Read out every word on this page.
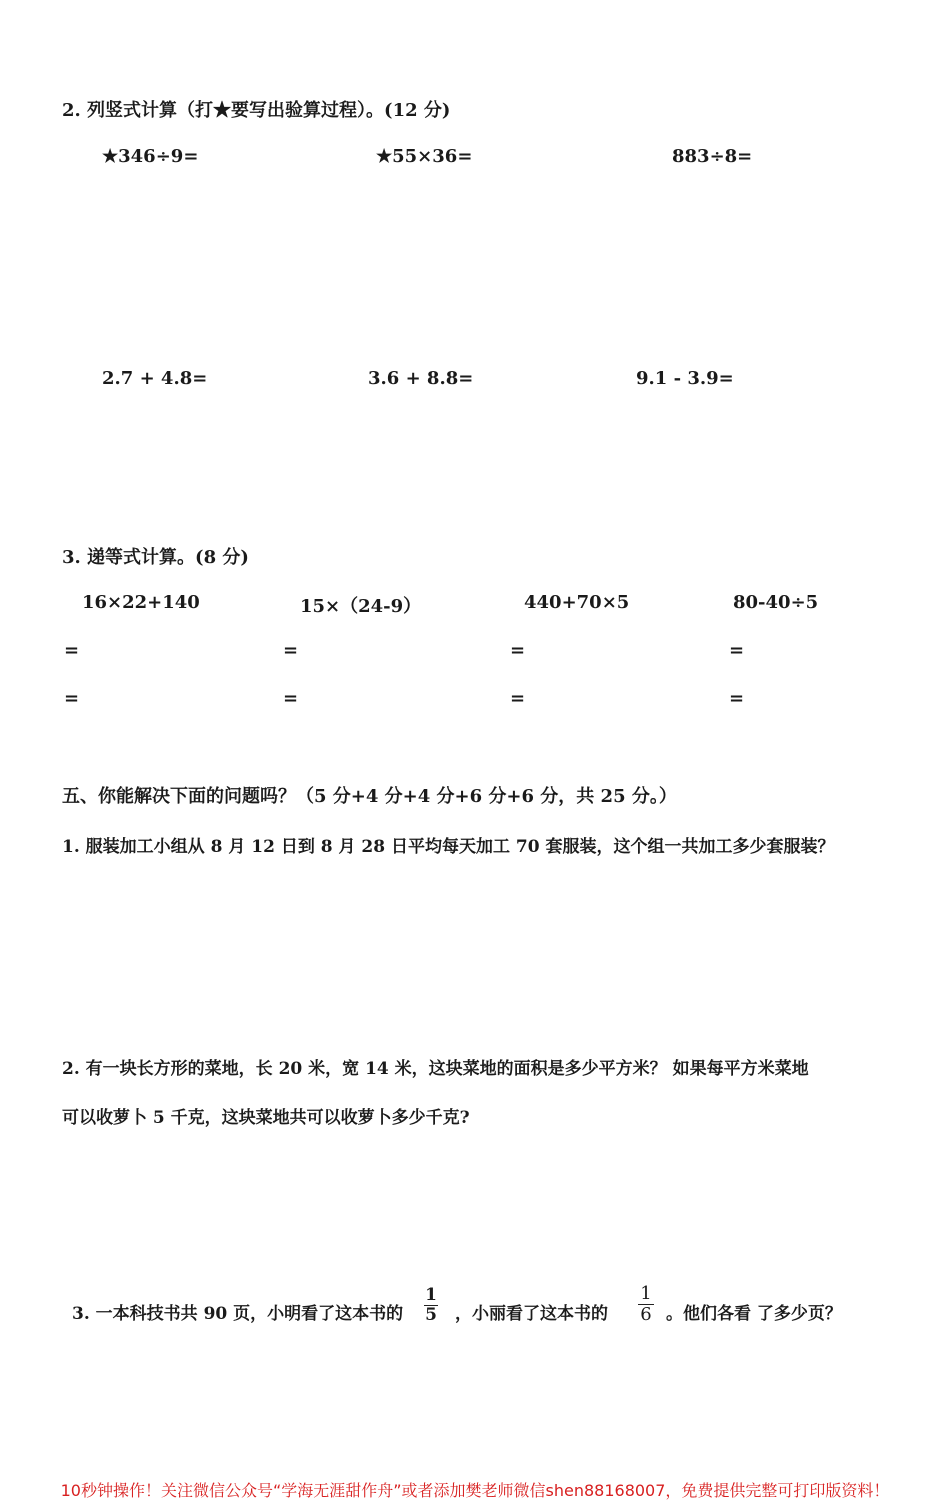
2. 列竖式计算（打★要写出验算过程）。(12 分)
★346÷9=	★55×36=	883÷8=
2.7 + 4.8=	3.6 + 8.8=	9.1 - 3.9=
3. 递等式计算。(8 分)
16×22+140	15×（24-9）	440+70×5	80-40÷5
=	=	=	=
=	=	=	=
五、你能解决下面的问题吗？（5 分+4 分+4 分+6 分+6 分，共 25 分。）
1. 服装加工小组从 8 月 12 日到 8 月 28 日平均每天加工 70 套服装，这个组一共加工多少套服装？
2. 有一块长方形的菜地，长 20 米，宽 14 米，这块菜地的面积是多少平方米？ 如果每平方米菜地
可以收萝卜 5 千克，这块菜地共可以收萝卜多少千克?
3. 一本科技书共 90 页，小明看了这本书的
1
5 ，小丽看了这本书的
1
6 。他们各看 了多少页？
10秒钟操作！关注微信公众号“学海无涯甜作舟”或者添加樊老师微信shen88168007，免费提供完整可打印版资料！
